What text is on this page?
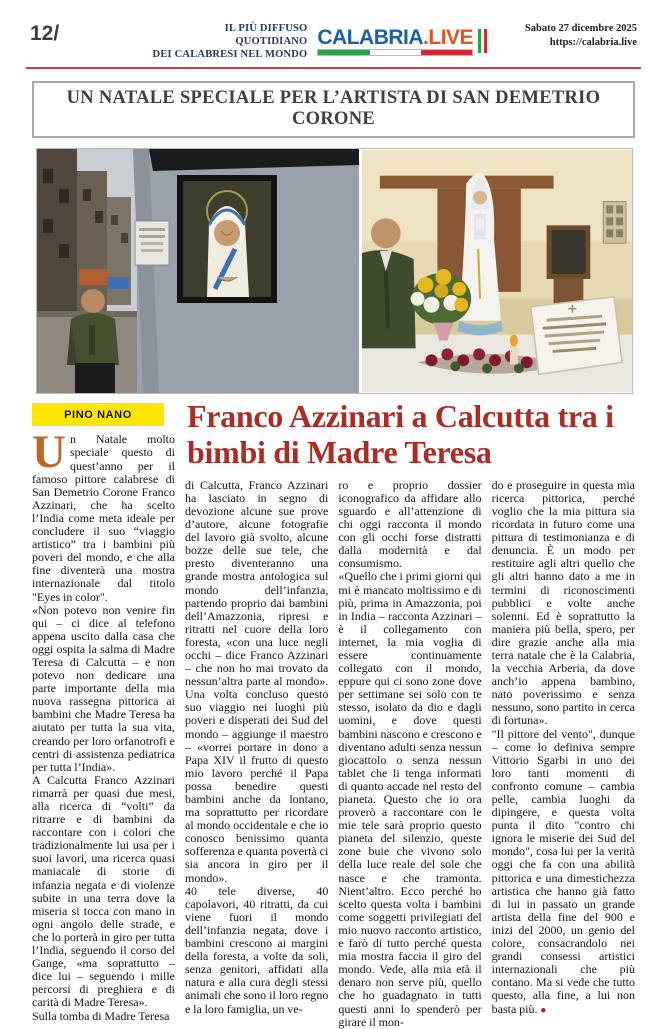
12/	IL PIÙ DIFFUSO QUOTIDIANO
DEI CALABRESI NEL MONDO
CALABRIA.LIVE	Sabato 27 dicembre 2025
https://calabria.live
UN NATALE SPECIALE PER L’ARTISTA DI SAN DEMETRIO CORONE
PINO NANO

Un Natale molto speciale questo di quest’anno per il famoso pittore calabrese di San Demetrio Corone Franco Azzinari, che ha scelto l’India come meta ideale per concludere il suo “viaggio artistico” tra i bambini più poveri del mondo, e che alla fine diventerà una mostra internazionale dal titolo "Eyes in color".

«Non potevo non venire fin qui – ci dice al telefono appena uscito dalla casa che oggi ospita la salma di Madre Teresa di Calcutta – e non potevo non dedicare una parte importante della mia nuova rassegna pittorica ai bambini che Madre Teresa ha aiutato per tutta la sua vita, creando per loro orfanotrofi e centri di assistenza pediatrica per tutta l’India».

A Calcutta Franco Azzinari rimarrà per quasi due mesi, alla ricerca di “volti” da ritrarre e di bambini da raccontare con i colori che tradizionalmente lui usa per i suoi lavori, una ricerca quasi maniacale di storie di infanzia negata e di violenze subite in una terra dove la miseria si tocca con mano in ogni angolo delle strade, e che lo porterà in giro per tutta l’India, seguendo il corso del Gange, «ma soprattutto – dice lui – seguendo i mille percorsi di preghiera e di carità di Madre Teresa».

Sulla tomba di Madre Teresa

Franco Azzinari a Calcutta tra i bimbi di Madre Teresa

di Calcutta, Franco Azzinari ha lasciato in segno di devozione alcune sue prove d’autore, alcune fotografie del lavoro già svolto, alcune bozze delle sue tele, che presto diventeranno una grande mostra antologica sul mondo dell’infanzia, partendo proprio dai bambini dell’Amazzonia, ripresi e ritratti nel cuore della loro foresta, «con una luce negli occhi – dice Franco Azzinari – che non ho mai trovato da nessun’altra parte al mondo». Una volta concluso questo suo viaggio nei luoghi più poveri e disperati dei Sud del mondo – aggiunge il maestro – «vorrei portare in dono a Papa XIV il frutto di questo mio lavoro perché il Papa possa benedire questi bambini anche da lontano, ma soprattutto per ricordare al mondo occidentale e che io conosco benissimo quanta sofferenza e quanta povertà ci sia ancora in giro per il mondo».

40 tele diverse, 40 capolavori, 40 ritratti, da cui viene fuori il mondo dell’infanzia negata, dove i bambini crescono ai margini della foresta, a volte da soli, senza genitori, affidati alla natura e alla cura degli stessi animali che sono il loro regno e la loro famiglia, un ve-

ro e proprio dossier iconografico da affidare allo sguardo e all’attenzione di chi oggi racconta il mondo con gli occhi forse distratti dalla modernità e dal consumismo.

«Quello che i primi giorni qui mi è mancato moltissimo e di più, prima in Amazzonia, poi in India – racconta Azzinari – è il collegamento con internet, la mia voglia di essere continuamente collegato con il mondo, eppure qui ci sono zone dove per settimane sei solo con te stesso, isolato da dio e dagli uomini, e dove questi bambini nascono e crescono e diventano adulti senza nessun giocattolo o senza nessun tablet che li tenga informati di quanto accade nel resto del pianeta. Questo che io ora proverò a raccontare con le mie tele sarà proprio questo pianeta del silenzio, queste zone buie che vivono solo della luce reale del sole che nasce e che tramonta. Nient’altro. Ecco perché ho scelto questa volta i bambini come soggetti privilegiati del mio nuovo racconto artistico, e farò di tutto perché questa mia mostra faccia il giro del mondo. Vede, alla mia età il denaro non serve più, quello che ho guadagnato in tutti questi anni lo spenderò per girare il mon-

do e proseguire in questa mia ricerca pittorica, perché voglio che la mia pittura sia ricordata in futuro come una pittura di testimonianza e di denuncia. È un modo per restituire agli altri quello che gli altri hanno dato a me in termini di riconoscimenti pubblici e volte anche solenni. Ed è soprattutto la maniera più bella, spero, per dire grazie anche alla mia terra natale che è la Calabria, la vecchia Arberia, da dove anch’io appena bambino, nato poverissimo e senza nessuno, sono partito in cerca di fortuna».

"Il pittore del vento", dunque – come lo definiva sempre Vittorio Sgarbi in uno dei loro tanti momenti di confronto comune – cambia pelle, cambia luoghi da dipingere, e questa volta punta il dito "contro chi ignora le miserie dei Sud del mondo", cosa lui per la verità oggi che fa con una abilità pittorica e una dimestichezza artistica che hanno già fatto di lui in passato un grande artista della fine del 900 e inizi del 2000, un genio del colore, consacrandolo nei grandi consessi artistici internazionali che più contano. Ma si vede che tutto questo, alla fine, a lui non basta più. ●
